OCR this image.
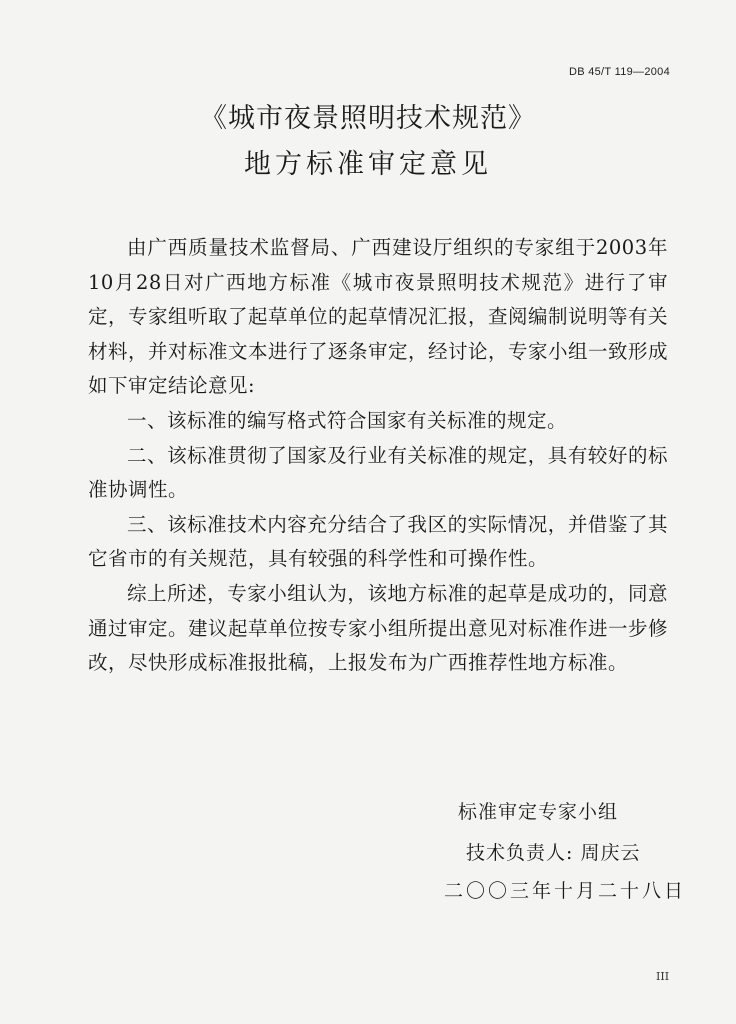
DB 45/T 119—2004
《城市夜景照明技术规范》
地方标准审定意见

由广西质量技术监督局、广西建设厅组织的专家组于2003年10月28日对广西地方标准《城市夜景照明技术规范》进行了审定，专家组听取了起草单位的起草情况汇报，查阅编制说明等有关材料，并对标准文本进行了逐条审定，经讨论，专家小组一致形成如下审定结论意见:

一、该标准的编写格式符合国家有关标准的规定。

二、该标准贯彻了国家及行业有关标准的规定，具有较好的标准协调性。

三、该标准技术内容充分结合了我区的实际情况，并借鉴了其它省市的有关规范，具有较强的科学性和可操作性。

综上所述，专家小组认为，该地方标准的起草是成功的，同意通过审定。建议起草单位按专家小组所提出意见对标准作进一步修改，尽快形成标准报批稿，上报发布为广西推荐性地方标准。

标准审定专家小组
技术负责人: 周庆云
二〇〇三年十月二十八日
III
